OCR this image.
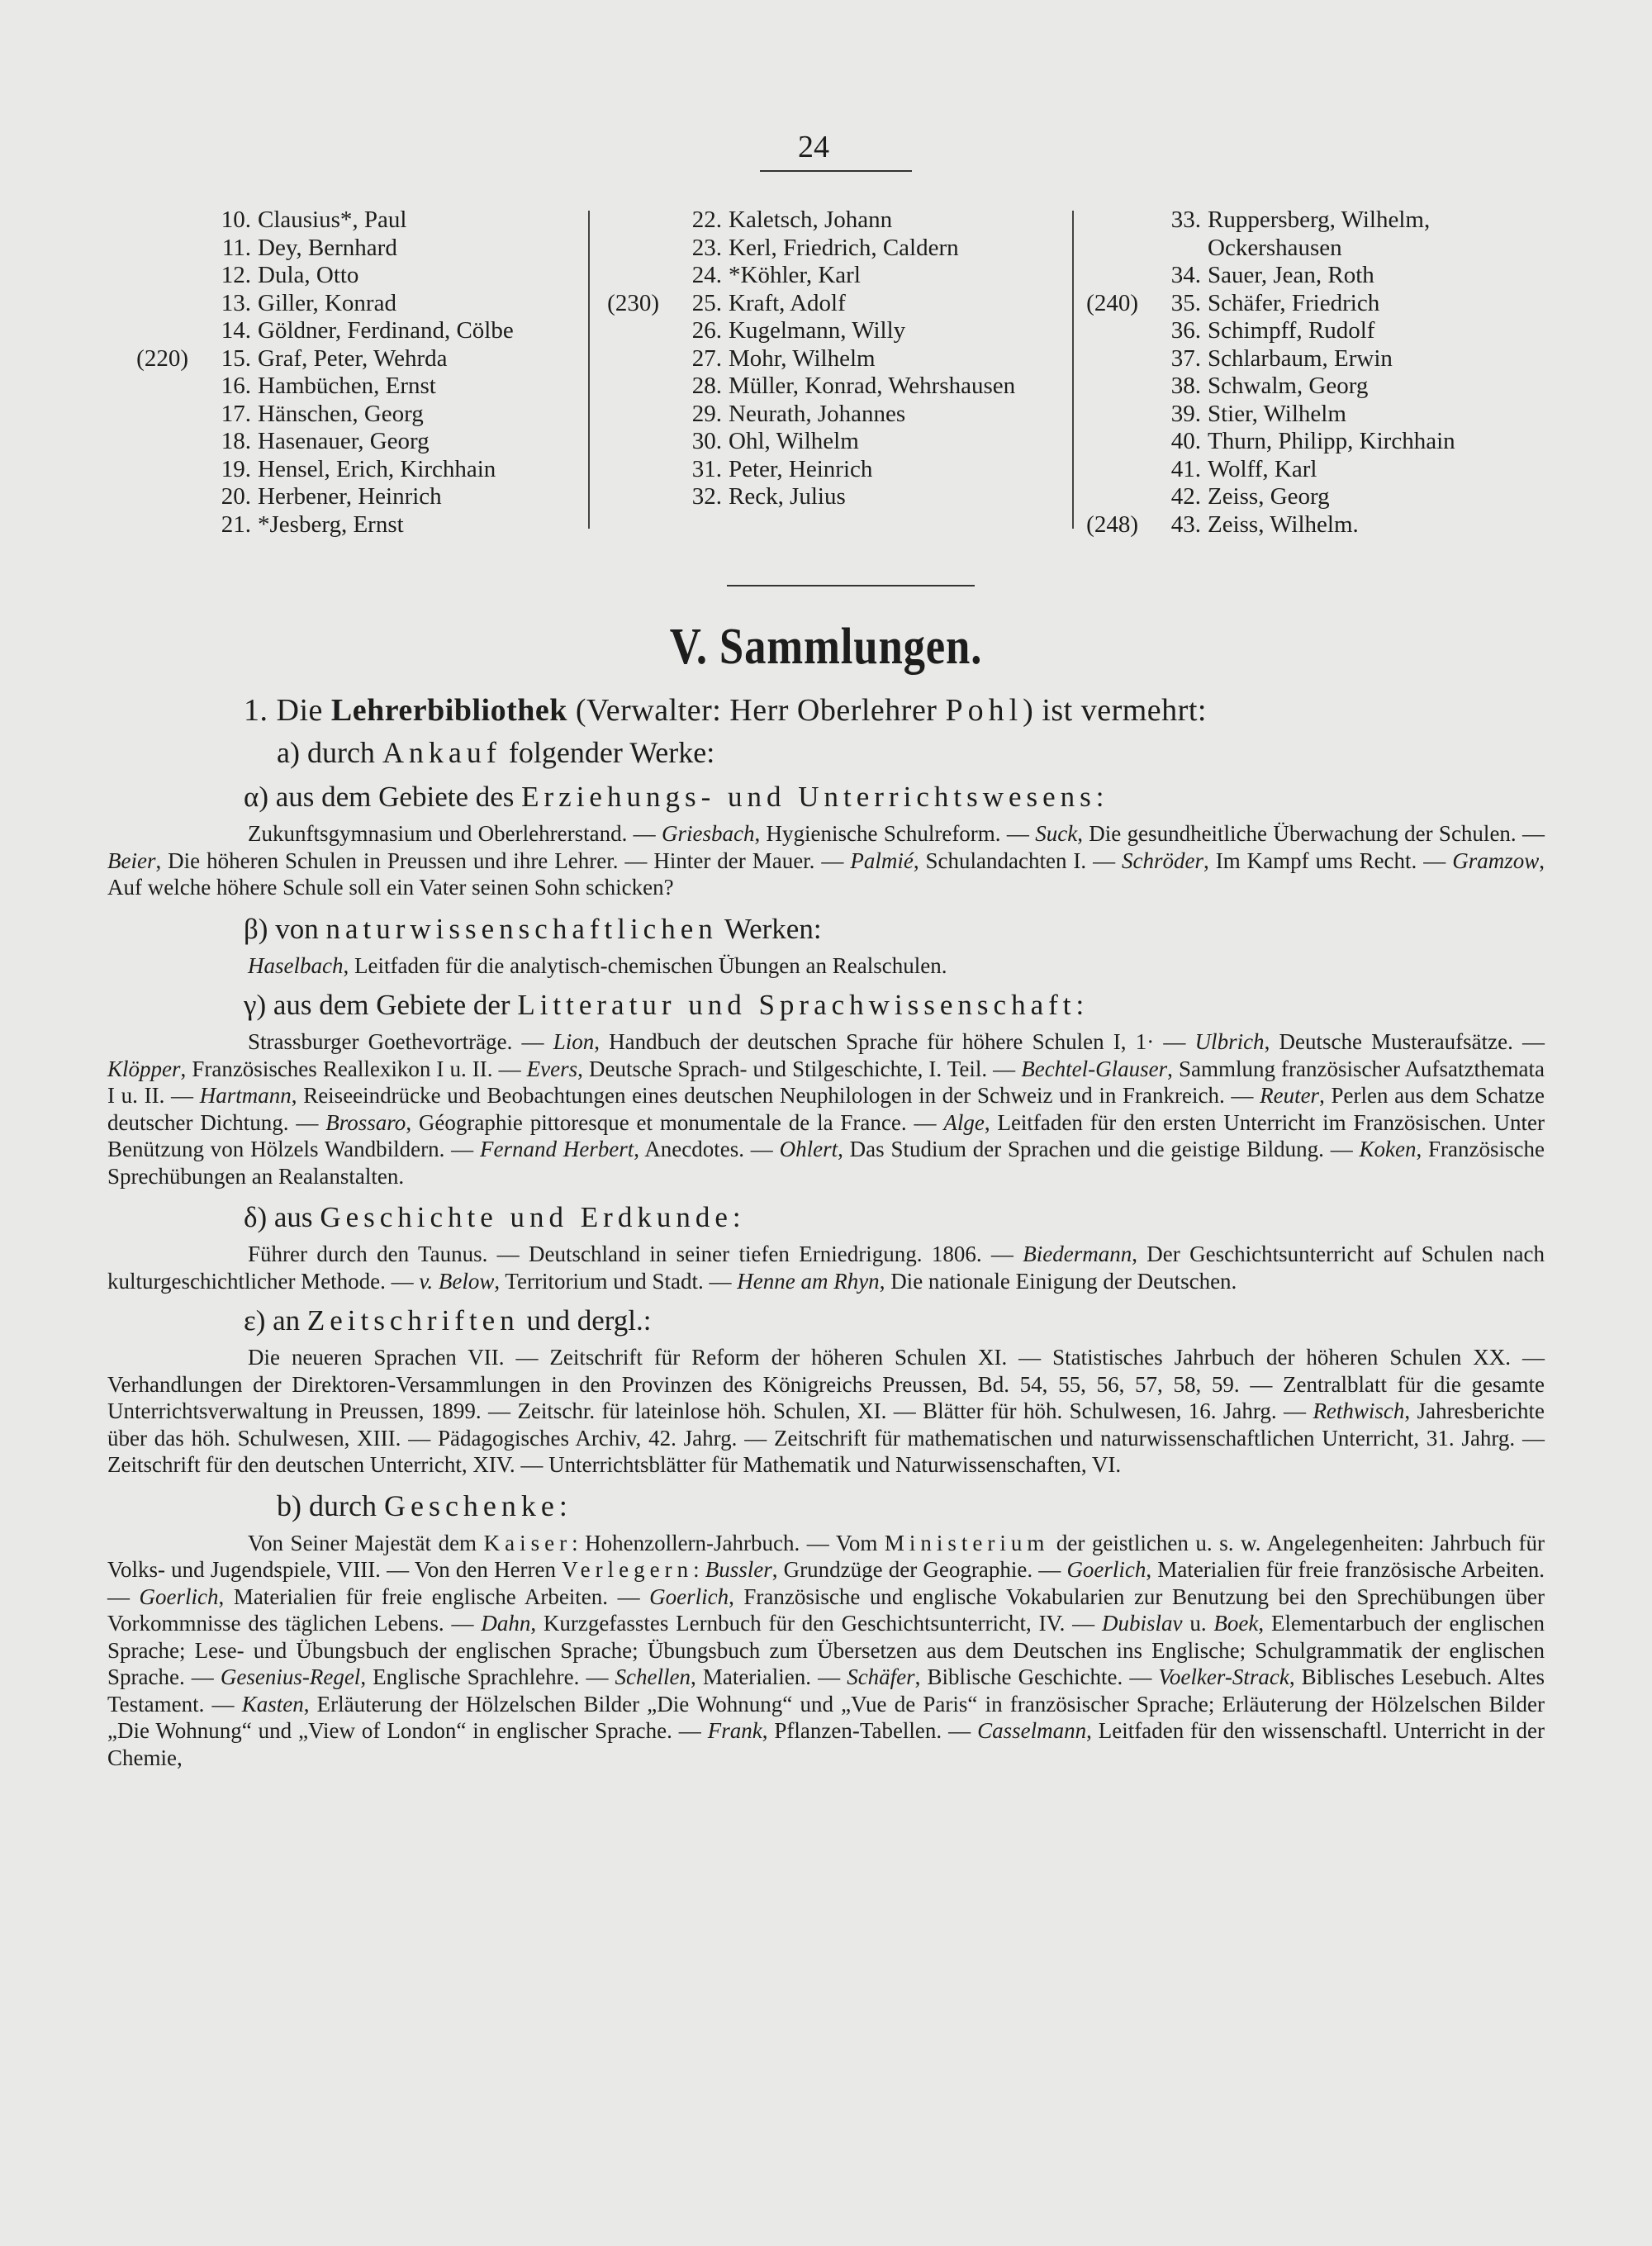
24
10. Clausius*, Paul
11. Dey, Bernhard
12. Dula, Otto
13. Giller, Konrad
14. Göldner, Ferdinand, Cölbe
(220)	15. Graf, Peter, Wehrda
16. Hambüchen, Ernst
17. Hänschen, Georg
18. Hasenauer, Georg
19. Hensel, Erich, Kirchhain
20. Herbener, Heinrich
21. *Jesberg, Ernst
22. Kaletsch, Johann
23. Kerl, Friedrich, Caldern
24. *Köhler, Karl
(230)	25. Kraft, Adolf
26. Kugelmann, Willy
27. Mohr, Wilhelm
28. Müller, Konrad, Wehrshausen
29. Neurath, Johannes
30. Ohl, Wilhelm
31. Peter, Heinrich
32. Reck, Julius
33. Ruppersberg, Wilhelm, Ockershausen
34. Sauer, Jean, Roth
(240)	35. Schäfer, Friedrich
36. Schimpff, Rudolf
37. Schlarbaum, Erwin
38. Schwalm, Georg
39. Stier, Wilhelm
40. Thurn, Philipp, Kirchhain
41. Wolff, Karl
42. Zeiss, Georg
(248)	43. Zeiss, Wilhelm.
V. Sammlungen.
1. Die Lehrerbibliothek (Verwalter: Herr Oberlehrer Pohl) ist vermehrt:
a) durch Ankauf folgender Werke:
α) aus dem Gebiete des Erziehungs- und Unterrichtswesens:

Zukunftsgymnasium und Oberlehrerstand. — Griesbach, Hygienische Schulreform. — Suck, Die gesundheitliche Überwachung der Schulen. — Beier, Die höheren Schulen in Preussen und ihre Lehrer. — Hinter der Mauer. — Palmié, Schulandachten I. — Schröder, Im Kampf ums Recht. — Gramzow, Auf welche höhere Schule soll ein Vater seinen Sohn schicken?

β) von naturwissenschaftlichen Werken:

Haselbach, Leitfaden für die analytisch-chemischen Übungen an Realschulen.

γ) aus dem Gebiete der Litteratur und Sprachwissenschaft:

Strassburger Goethevorträge. — Lion, Handbuch der deutschen Sprache für höhere Schulen I, 1· — Ulbrich, Deutsche Musteraufsätze. — Klöpper, Französisches Reallexikon I u. II. — Evers, Deutsche Sprach- und Stilgeschichte, I. Teil. — Bechtel-Glauser, Sammlung französischer Aufsatzthemata I u. II. — Hartmann, Reiseeindrücke und Beobachtungen eines deutschen Neuphilologen in der Schweiz und in Frankreich. — Reuter, Perlen aus dem Schatze deutscher Dichtung. — Brossaro, Géographie pittoresque et monumentale de la France. — Alge, Leitfaden für den ersten Unterricht im Französischen. Unter Benützung von Hölzels Wandbildern. — Fernand Herbert, Anecdotes. — Ohlert, Das Studium der Sprachen und die geistige Bildung. — Koken, Französische Sprechübungen an Realanstalten.

δ) aus Geschichte und Erdkunde:

Führer durch den Taunus. — Deutschland in seiner tiefen Erniedrigung. 1806. — Biedermann, Der Geschichtsunterricht auf Schulen nach kulturgeschichtlicher Methode. — v. Below, Territorium und Stadt. — Henne am Rhyn, Die nationale Einigung der Deutschen.

ε) an Zeitschriften und dergl.:

Die neueren Sprachen VII. — Zeitschrift für Reform der höheren Schulen XI. — Statistisches Jahrbuch der höheren Schulen XX. — Verhandlungen der Direktoren-Versammlungen in den Provinzen des Königreichs Preussen, Bd. 54, 55, 56, 57, 58, 59. — Zentralblatt für die gesamte Unterrichtsverwaltung in Preussen, 1899. — Zeitschr. für lateinlose höh. Schulen, XI. — Blätter für höh. Schulwesen, 16. Jahrg. — Rethwisch, Jahresberichte über das höh. Schulwesen, XIII. — Pädagogisches Archiv, 42. Jahrg. — Zeitschrift für mathematischen und naturwissenschaftlichen Unterricht, 31. Jahrg. — Zeitschrift für den deutschen Unterricht, XIV. — Unterrichtsblätter für Mathematik und Naturwissenschaften, VI.

b) durch Geschenke:

Von Seiner Majestät dem Kaiser: Hohenzollern-Jahrbuch. — Vom Ministerium der geistlichen u. s. w. Angelegenheiten: Jahrbuch für Volks- und Jugendspiele, VIII. — Von den Herren Verlegern: Bussler, Grundzüge der Geographie. — Goerlich, Materialien für freie französische Arbeiten. — Goerlich, Materialien für freie englische Arbeiten. — Goerlich, Französische und englische Vokabularien zur Benutzung bei den Sprechübungen über Vorkommnisse des täglichen Lebens. — Dahn, Kurzgefasstes Lernbuch für den Geschichtsunterricht, IV. — Dubislav u. Boek, Elementarbuch der englischen Sprache; Lese- und Übungsbuch der englischen Sprache; Übungsbuch zum Übersetzen aus dem Deutschen ins Englische; Schulgrammatik der englischen Sprache. — Gesenius-Regel, Englische Sprachlehre. — Schellen, Materialien. — Schäfer, Biblische Geschichte. — Voelker-Strack, Biblisches Lesebuch. Altes Testament. — Kasten, Erläuterung der Hölzelschen Bilder „Die Wohnung“ und „Vue de Paris“ in französischer Sprache; Erläuterung der Hölzelschen Bilder „Die Wohnung“ und „View of London“ in englischer Sprache. — Frank, Pflanzen-Tabellen. — Casselmann, Leitfaden für den wissenschaftl. Unterricht in der Chemie,
